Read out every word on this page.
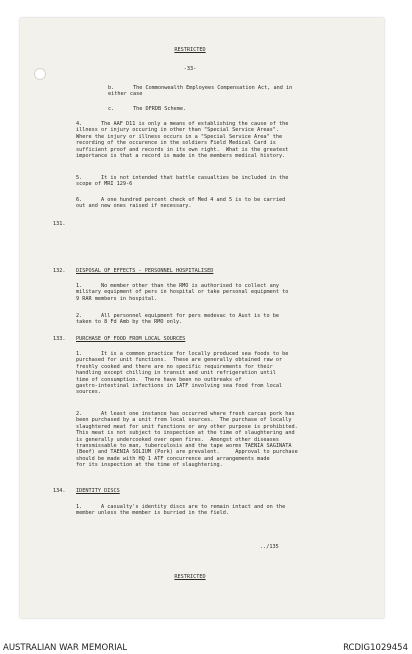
RESTRICTED
-33-
b.      The Commonwealth Employees Compensation Act, and in
either case
c.      The DFRDB Scheme.
4.      The AAF D11 is only a means of establishing the cause of the
illness or injury occuring in other than "Special Service Areas".
Where the injury or illness occurs in a "Special Service Area" the
recording of the occurence in the soldiers Field Medical Card is
sufficient proof and records in its own right.  What is the greatest
importance is that a record is made in the members medical history.
5.      It is not intended that battle casualties be included in the
scope of MRI 129-6
6.      A one hundred percent check of Med 4 and 5 is to be carried
out and new ones raised if necessary.
131.
132. DISPOSAL OF EFFECTS - PERSONNEL HOSPITALISED
1.      No member other than the RMO is authorised to collect any
military equipment of pers in hospital or take personal equipment to
9 RAR members in hospital.
2.      All personnel equipment for pers medevac to Aust is to be
taken to 8 Fd Amb by the RMO only.
133. PURCHASE OF FOOD FROM LOCAL SOURCES
1.      It is a common practice for locally produced sea foods to be
purchased for unit functions.  These are generally obtained raw or
freshly cooked and there are no specific requirements for their
handling except chilling in transit and unit refrigeration until
time of consumption.  There have been no outbreaks of
gastro-intestinal infections in 1ATF involving sea food from local
sources.
2.      At least one instance has occurred where fresh carcas pork has
been purchased by a unit from local sources.  The purchase of locally
slaughtered meat for unit functions or any other purpose is prohibited.
This meat is not subject to inspection at the time of slaughtering and
is generally undercooked over open fires.  Amongst other diseases
transmissable to man, tuberculosis and the tape worms TAENIA SAGINATA
(Beef) and TAENIA SOLIUM (Pork) are prevalent.     Approval to purchase
should be made with HQ 1 ATF concurrence and arrangements made
for its inspection at the time of slaughtering.
134. IDENTITY DISCS
1.      A casualty's identity discs are to remain intact and on the
member unless the member is burried in the field.
../135
RESTRICTED
AUSTRALIAN WAR MEMORIAL	RCDIG1029454
